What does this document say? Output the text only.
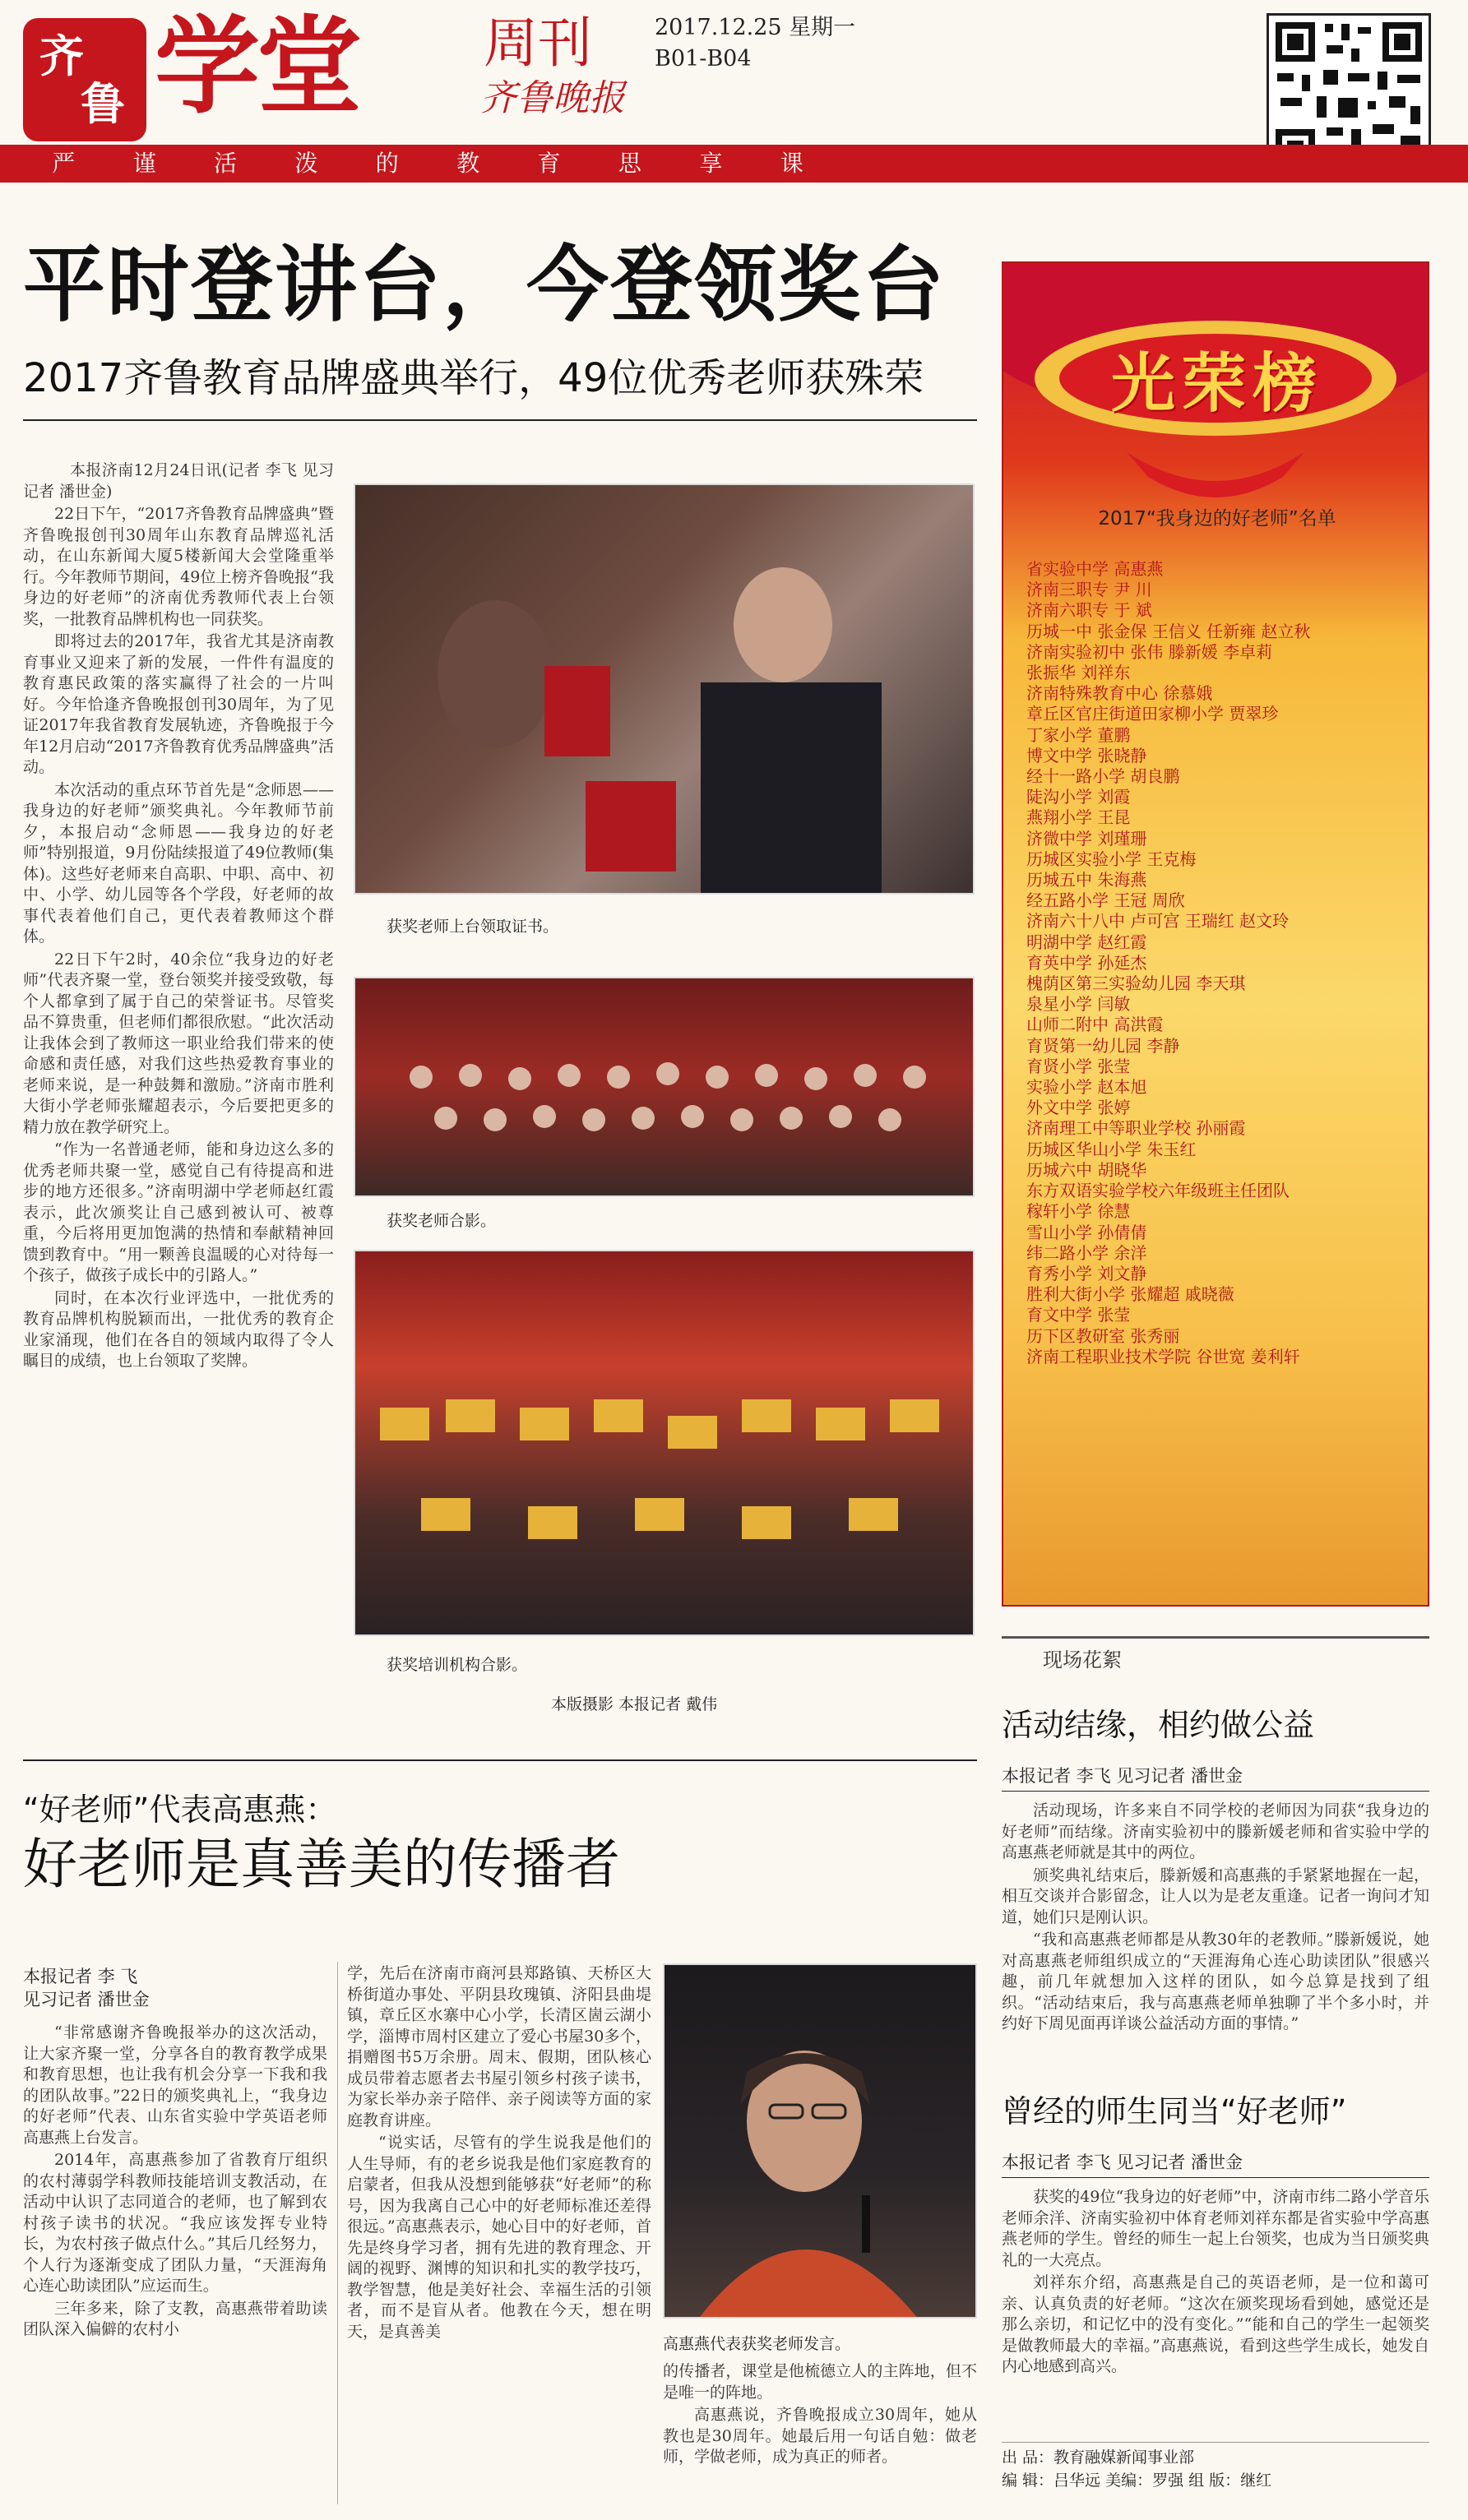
齐
鲁 学堂 周刊
齐鲁晚报
2017.12.25 星期一
B01-B04
严	谨	活	泼	的	教	育	思	享	课
平时登讲台，今登领奖台
2017齐鲁教育品牌盛典举行，49位优秀老师获殊荣

本报济南12月24日讯(记者 李飞 见习记者 潘世金)

22日下午，“2017齐鲁教育品牌盛典”暨齐鲁晚报创刊30周年山东教育品牌巡礼活动，在山东新闻大厦5楼新闻大会堂隆重举行。今年教师节期间，49位上榜齐鲁晚报“我身边的好老师”的济南优秀教师代表上台领奖，一批教育品牌机构也一同获奖。

即将过去的2017年，我省尤其是济南教育事业又迎来了新的发展，一件件有温度的教育惠民政策的落实赢得了社会的一片叫好。今年恰逢齐鲁晚报创刊30周年，为了见证2017年我省教育发展轨迹，齐鲁晚报于今年12月启动“2017齐鲁教育优秀品牌盛典”活动。

本次活动的重点环节首先是“念师恩——我身边的好老师”颁奖典礼。今年教师节前夕，本报启动“念师恩——我身边的好老师”特别报道，9月份陆续报道了49位教师(集体)。这些好老师来自高职、中职、高中、初中、小学、幼儿园等各个学段，好老师的故事代表着他们自己，更代表着教师这个群体。

22日下午2时，40余位“我身边的好老师”代表齐聚一堂，登台领奖并接受致敬，每个人都拿到了属于自己的荣誉证书。尽管奖品不算贵重，但老师们都很欣慰。“此次活动让我体会到了教师这一职业给我们带来的使命感和责任感，对我们这些热爱教育事业的老师来说，是一种鼓舞和激励。”济南市胜利大街小学老师张耀超表示，今后要把更多的精力放在教学研究上。

“作为一名普通老师，能和身边这么多的优秀老师共聚一堂，感觉自己有待提高和进步的地方还很多。”济南明湖中学老师赵红霞表示，此次颁奖让自己感到被认可、被尊重，今后将用更加饱满的热情和奉献精神回馈到教育中。“用一颗善良温暖的心对待每一个孩子，做孩子成长中的引路人。”

同时，在本次行业评选中，一批优秀的教育品牌机构脱颖而出，一批优秀的教育企业家涌现，他们在各自的领域内取得了令人瞩目的成绩，也上台领取了奖牌。

获奖老师上台领取证书。
获奖老师合影。
获奖培训机构合影。
本版摄影 本报记者 戴伟
光荣榜
2017“我身边的好老师”名单
省实验中学 高惠燕
济南三职专 尹 川
济南六职专 于 斌
历城一中 张金保 王信义 任新雍 赵立秋
济南实验初中 张伟 滕新媛 李卓莉
张振华 刘祥东
济南特殊教育中心 徐慕娥
章丘区官庄街道田家柳小学 贾翠珍
丁家小学 董鹏
博文中学 张晓静
经十一路小学 胡良鹏
陡沟小学 刘霞
燕翔小学 王昆
济微中学 刘瑾珊
历城区实验小学 王克梅
历城五中 朱海燕
经五路小学 王冠 周欣
济南六十八中 卢可宫 王瑞红 赵文玲
明湖中学 赵红霞
育英中学 孙延杰
槐荫区第三实验幼儿园 李天琪
泉星小学 闫敏
山师二附中 高洪霞
育贤第一幼儿园 李静
育贤小学 张莹
实验小学 赵本旭
外文中学 张婷
济南理工中等职业学校 孙丽霞
历城区华山小学 朱玉红
历城六中 胡晓华
东方双语实验学校六年级班主任团队
稼轩小学 徐慧
雪山小学 孙倩倩
纬二路小学 余洋
育秀小学 刘文静
胜利大街小学 张耀超 戚晓薇
育文中学 张莹
历下区教研室 张秀丽
济南工程职业技术学院 谷世宽 姜利轩
“好老师”代表高惠燕：
好老师是真善美的传播者
本报记者 李 飞
见习记者 潘世金

“非常感谢齐鲁晚报举办的这次活动，让大家齐聚一堂，分享各自的教育教学成果和教育思想，也让我有机会分享一下我和我的团队故事。”22日的颁奖典礼上，“我身边的好老师”代表、山东省实验中学英语老师高惠燕上台发言。

2014年，高惠燕参加了省教育厅组织的农村薄弱学科教师技能培训支教活动，在活动中认识了志同道合的老师，也了解到农村孩子读书的状况。“我应该发挥专业特长，为农村孩子做点什么。”其后几经努力，个人行为逐渐变成了团队力量，“天涯海角心连心助读团队”应运而生。

三年多来，除了支教，高惠燕带着助读团队深入偏僻的农村小

学，先后在济南市商河县郑路镇、天桥区大桥街道办事处、平阴县玫瑰镇、济阳县曲堤镇，章丘区水寨中心小学，长清区崮云湖小学，淄博市周村区建立了爱心书屋30多个，捐赠图书5万余册。周末、假期，团队核心成员带着志愿者去书屋引领乡村孩子读书，为家长举办亲子陪伴、亲子阅读等方面的家庭教育讲座。

“说实话，尽管有的学生说我是他们的人生导师，有的老乡说我是他们家庭教育的启蒙者，但我从没想到能够获“好老师”的称号，因为我离自己心中的好老师标准还差得很远。”高惠燕表示，她心目中的好老师，首先是终身学习者，拥有先进的教育理念、开阔的视野、渊博的知识和扎实的教学技巧，教学智慧，他是美好社会、幸福生活的引领者，而不是盲从者。他教在今天，想在明天，是真善美

高惠燕代表获奖老师发言。

的传播者，课堂是他梳德立人的主阵地，但不是唯一的阵地。

高惠燕说，齐鲁晚报成立30周年，她从教也是30周年。她最后用一句话自勉：做老师，学做老师，成为真正的师者。

现场花絮
活动结缘，相约做公益
本报记者 李飞 见习记者 潘世金

活动现场，许多来自不同学校的老师因为同获“我身边的好老师”而结缘。济南实验初中的滕新媛老师和省实验中学的高惠燕老师就是其中的两位。

颁奖典礼结束后，滕新媛和高惠燕的手紧紧地握在一起，相互交谈并合影留念，让人以为是老友重逢。记者一询问才知道，她们只是刚认识。

“我和高惠燕老师都是从教30年的老教师。”滕新媛说，她对高惠燕老师组织成立的“天涯海角心连心助读团队”很感兴趣，前几年就想加入这样的团队，如今总算是找到了组织。“活动结束后，我与高惠燕老师单独聊了半个多小时，并约好下周见面再详谈公益活动方面的事情。”

曾经的师生同当“好老师”
本报记者 李飞 见习记者 潘世金

获奖的49位“我身边的好老师”中，济南市纬二路小学音乐老师余洋、济南实验初中体育老师刘祥东都是省实验中学高惠燕老师的学生。曾经的师生一起上台领奖，也成为当日颁奖典礼的一大亮点。

刘祥东介绍，高惠燕是自己的英语老师，是一位和蔼可亲、认真负责的好老师。“这次在颁奖现场看到她，感觉还是那么亲切，和记忆中的没有变化。”“能和自己的学生一起领奖是做教师最大的幸福。”高惠燕说，看到这些学生成长，她发自内心地感到高兴。

出 品：教育融媒新闻事业部
编 辑：吕华远 美编：罗强 组 版：继红
